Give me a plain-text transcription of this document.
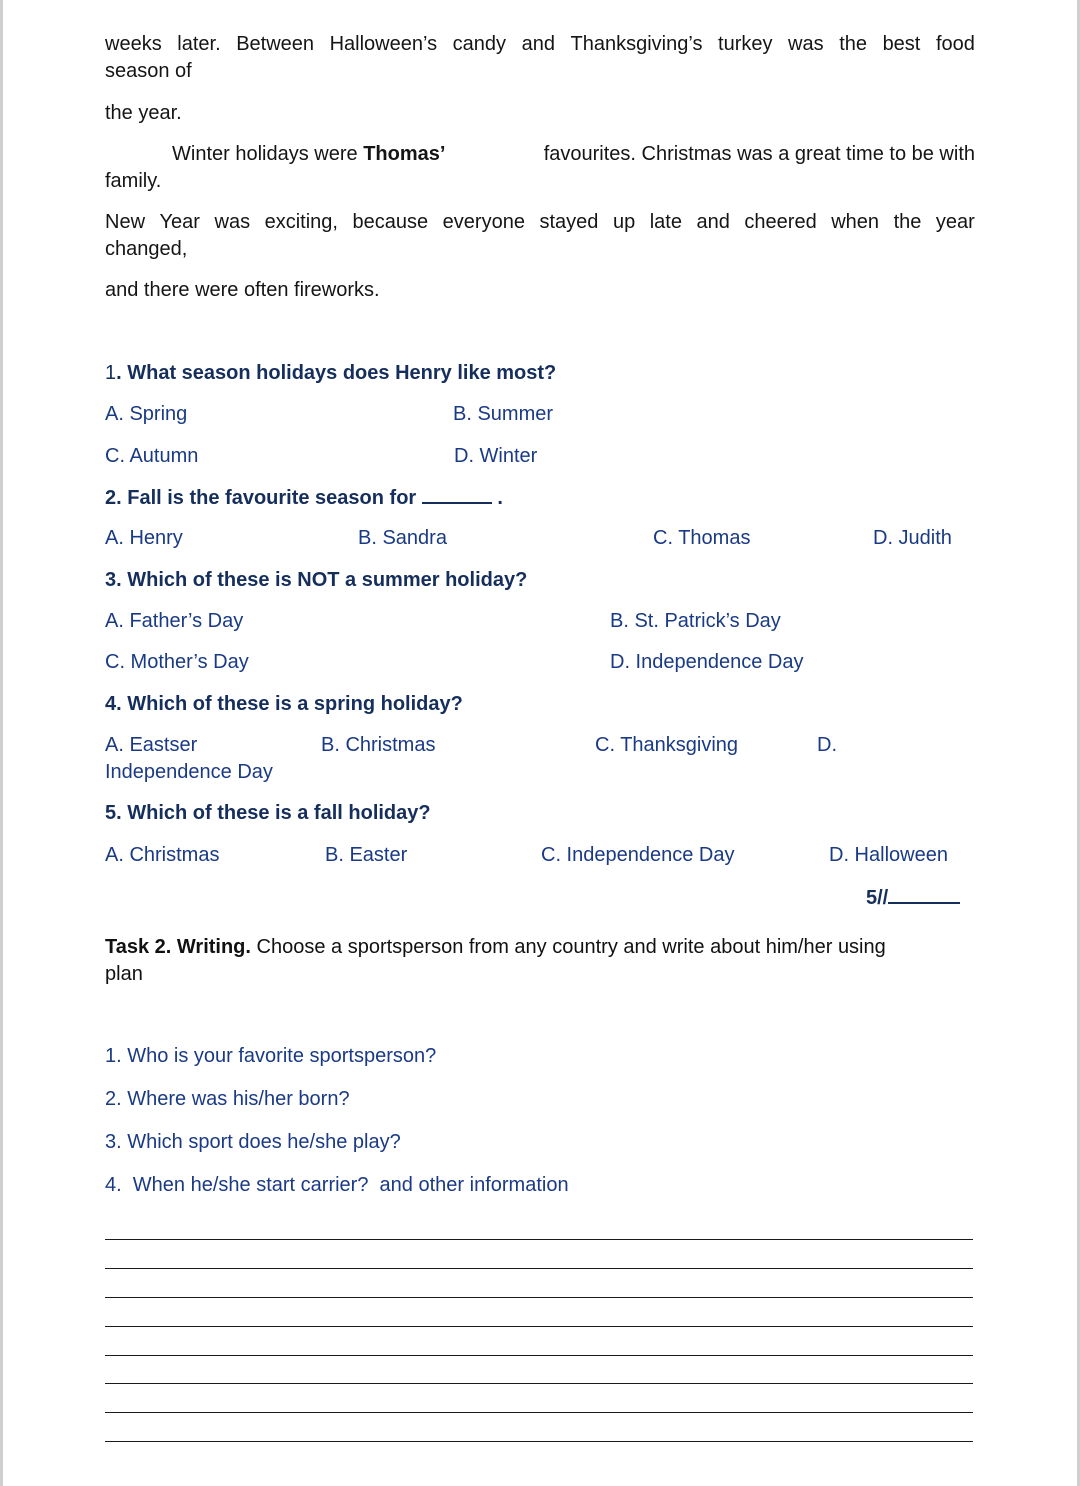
weeks later. Between Halloween’s candy and Thanksgiving’s turkey was the best food
season of
the year.
Winter holidays were Thomas’	favourites. Christmas was a great time to be with
family.
New Year was exciting, because everyone stayed up late and cheered when the year
changed,
and there were often fireworks.
1. What season holidays does Henry like most?
A. Spring	B. Summer
C. Autumn	D. Winter
2. Fall is the favourite season for	.
A. Henry	B. Sandra	C. Thomas	D. Judith
3. Which of these is NOT a summer holiday?
A. Father’s Day	B. St. Patrick’s Day
C. Mother’s Day	D. Independence Day
4. Which of these is a spring holiday?
A. Eastser	B. Christmas	C. Thanksgiving	D.
Independence Day
5. Which of these is a fall holiday?
A. Christmas	B. Easter	C. Independence Day	D. Halloween
5//
Task 2. Writing. Choose a sportsperson from any country and write about him/her using
plan
1. Who is your favorite sportsperson?
2. Where was his/her born?
3. Which sport does he/she play?
4.  When he/she start carrier?  and other information
